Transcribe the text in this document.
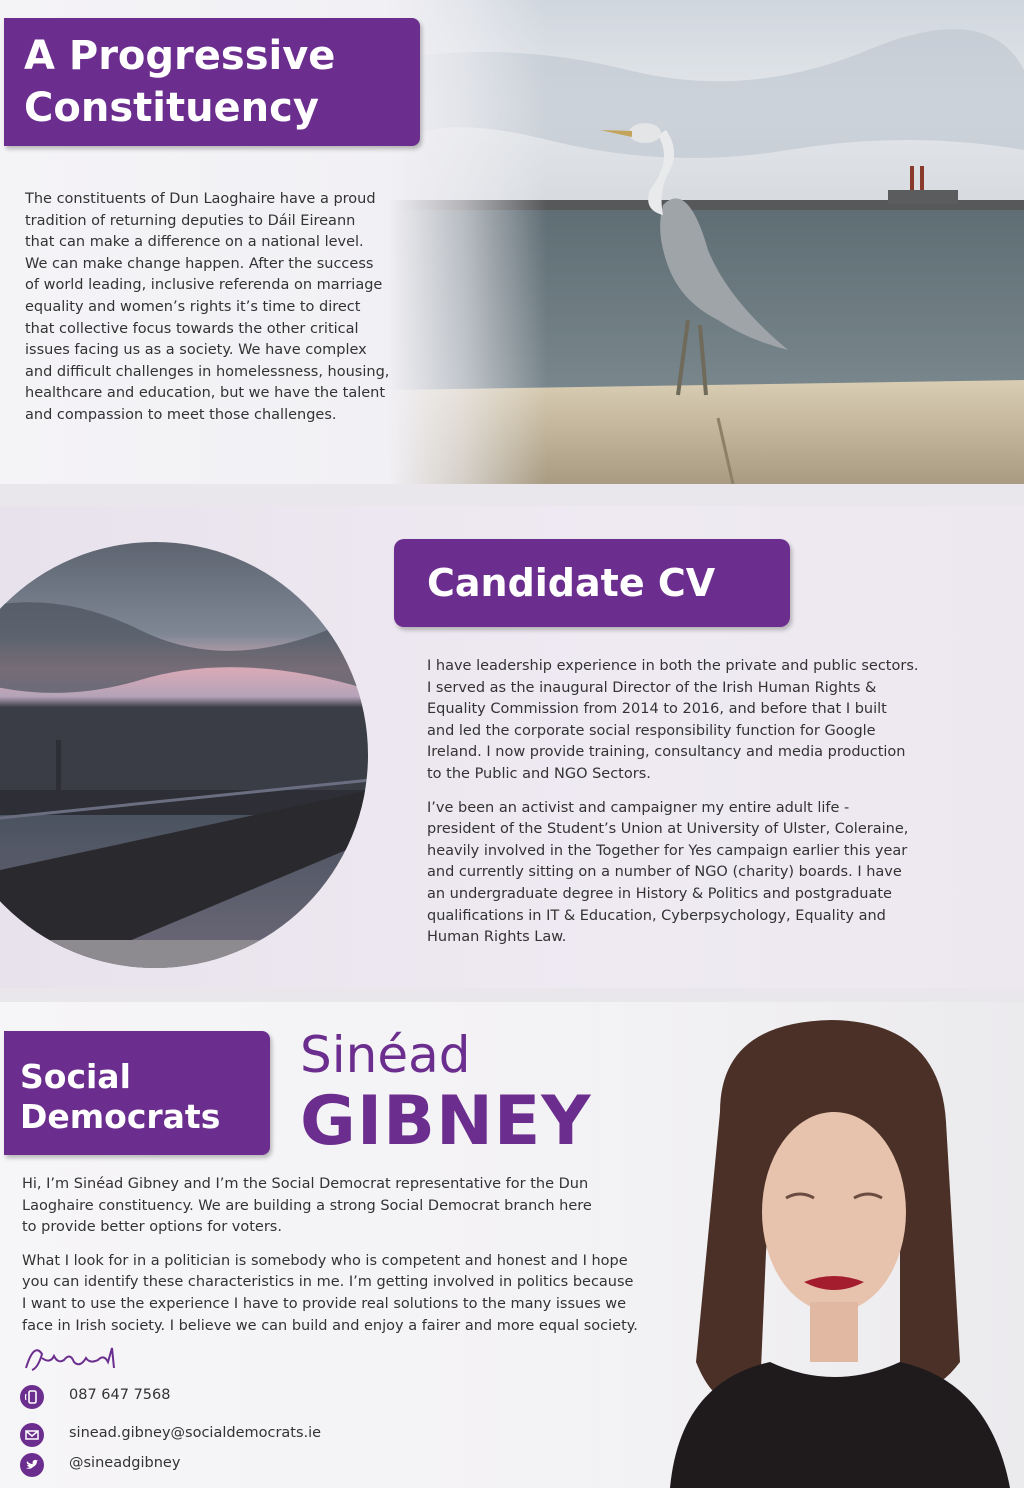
A Progressive
Constituency
The constituents of Dun Laoghaire have a proud
tradition of returning deputies to Dáil Eireann
that can make a difference on a national level.
We can make change happen. After the success
of world leading, inclusive referenda on marriage
equality and women’s rights it’s time to direct
that collective focus towards the other critical
issues facing us as a society. We have complex
and difficult challenges in homelessness, housing,
healthcare and education, but we have the talent
and compassion to meet those challenges.
Candidate CV

I have leadership experience in both the private and public sectors.
I served as the inaugural Director of the Irish Human Rights &
Equality Commission from 2014 to 2016, and before that I built
and led the corporate social responsibility function for Google
Ireland. I now provide training, consultancy and media production
to the Public and NGO Sectors.

I’ve been an activist and campaigner my entire adult life -
president of the Student’s Union at University of Ulster, Coleraine,
heavily involved in the Together for Yes campaign earlier this year
and currently sitting on a number of NGO (charity) boards. I have
an undergraduate degree in History & Politics and postgraduate
qualifications in IT & Education, Cyberpsychology, Equality and
Human Rights Law.

Social
Democrats
Sinéad
GIBNEY

Hi, I’m Sinéad Gibney and I’m the Social Democrat representative for the Dun
Laoghaire constituency. We are building a strong Social Democrat branch here
to provide better options for voters.

What I look for in a politician is somebody who is competent and honest and I hope
you can identify these characteristics in me. I’m getting involved in politics because
I want to use the experience I have to provide real solutions to the many issues we
face in Irish society. I believe we can build and enjoy a fairer and more equal society.

087 647 7568
sinead.gibney@socialdemocrats.ie
@sineadgibney
